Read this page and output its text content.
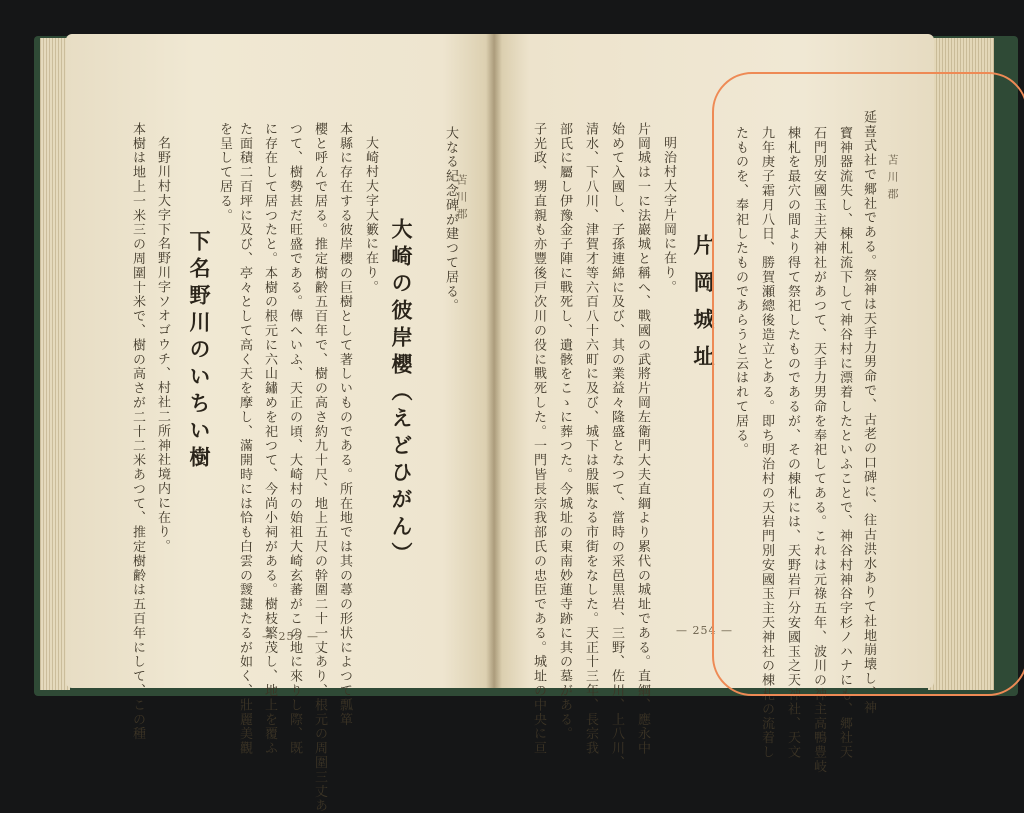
苫川郡
大なる紀念碑が建つて居る。
大崎の彼岸櫻（えどひがん）
大崎村大字大籔に在り。
本縣に存在する彼岸櫻の巨樹として著しいものである。所在地では其の蕁の形状によつて瓢箪
櫻と呼んで居る。推定樹齢五百年で、樹の高さ約九十尺、地上五尺の幹圍二十一丈あり、根元の周圍三丈あ
つて、樹勢甚だ旺盛である。傳へいふ、天正の頃、大崎村の始祖大崎玄蕃がこの地に來りし際、既
に存在して居つたと。本樹の根元に六山鏽めを祀つて、今尚小祠がある。樹枝繁茂し、地上を覆ふ
た面積二百坪に及び、亭々として高く天を摩し、滿開時には恰も白雲の靉靆たるが如く、壯麗美觀
を呈して居る。
下名野川のいちい樹
名野川村大字下名野川字ソオゴウチ、村社二所神社境内に在り。
本樹は地上一米三の周圍十米で、樹の高さが二十二米あつて、推定樹齢は五百年にして、この種	— 255 —	子光政、甥直親も亦豐後戸次川の役に戰死した。一門皆長宗我部氏の忠臣である。城址の中央に亘 部氏に屬し伊豫金子陣に戰死し、遺骸をこゝに葬つた。今城址の東南妙蓮寺跡に其の墓がある。 清水、下八川、津賀才等六百八十六町に及び、城下は殷賑なる市街をなした。天正十三年、長宗我 始めて入國し、子孫連綿に及び、其の業益々隆盛となつて、當時の采邑黒岩、三野、佐川、上八川、 片岡城は一に法巖城と稱へ、戰國の武將片岡左衛門大夫直綱より累代の城址である。直綱、應永中 明治村大字片岡に在り。
片岡城址 たものを、奉祀したものであらうと云はれて居る。 九年庚子霜月八日、勝賀瀬總後造立とある。即ち明治村の天岩門別安國玉主天神社の棟札の流着し 棟札を最穴の間より得て祭祀したものであるが、その棟札には、天野岩戸分安國玉之天神社、天文 石門別安國玉主天神社があつて、天手力男命を奉祀してある。これは元祿五年、波川の神主高鴨豊岐 寶神器流失し、棟札流下して神谷村に漂着したといふことで、神谷村神谷字杉ノハナにも、郷社天 延喜式社で郷社である。祭神は天手力男命で、古老の口碑に、往古洪水ありて社地崩壊し、神 苫川郡
— 254 —
